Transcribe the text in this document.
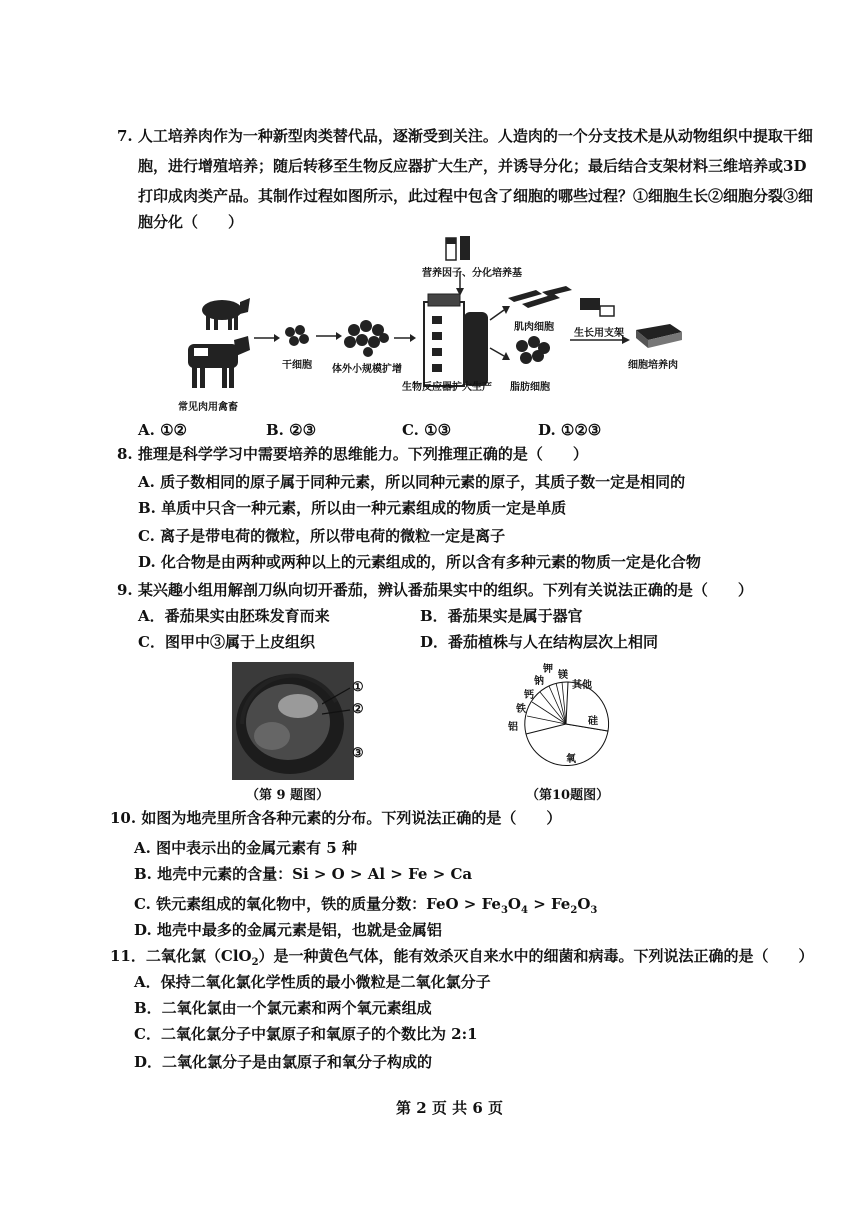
7. 人工培养肉作为一种新型肉类替代品，逐渐受到关注。人造肉的一个分支技术是从动物组织中提取干细
胞，进行增殖培养；随后转移至生物反应器扩大生产，并诱导分化；最后结合支架材料三维培养或3D
打印成肉类产品。其制作过程如图所示，此过程中包含了细胞的哪些过程？①细胞生长②细胞分裂③细
胞分化（　　）
营养因子、分化培养基
常见肉用禽畜
干细胞 体外小规模扩增
生物反应器扩大生产
肌肉细胞
脂肪细胞
生长用支架
细胞培养肉
A. ①②	B. ②③	C. ①③	D. ①②③
8. 推理是科学学习中需要培养的思维能力。下列推理正确的是（　　）
A. 质子数相同的原子属于同种元素，所以同种元素的原子，其质子数一定是相同的
B. 单质中只含一种元素，所以由一种元素组成的物质一定是单质
C. 离子是带电荷的微粒，所以带电荷的微粒一定是离子
D. 化合物是由两种或两种以上的元素组成的，所以含有多种元素的物质一定是化合物
9. 某兴趣小组用解剖刀纵向切开番茄，辨认番茄果实中的组织。下列有关说法正确的是（　　）
A．番茄果实由胚珠发育而来	B．番茄果实是属于器官
C．图甲中③属于上皮组织	D．番茄植株与人在结构层次上相同
①
②
③
（第 9 题图）
钾
镁
钠	其他
钙
铁
铝
硅
氧
（第10题图）
10. 如图为地壳里所含各种元素的分布。下列说法正确的是（　　）
A. 图中表示出的金属元素有 5 种
B. 地壳中元素的含量：Si > O > Al > Fe > Ca
C. 铁元素组成的氧化物中，铁的质量分数：FeO > $Fe_3O_4 > Fe_2O_3$
D. 地壳中最多的金属元素是铝，也就是金属铝
11．二氧化氯（ClO$_2$）是一种黄色气体，能有效杀灭自来水中的细菌和病毒。下列说法正确的是（　　）
A．保持二氧化氯化学性质的最小微粒是二氧化氯分子
B．二氧化氯由一个氯元素和两个氧元素组成
C．二氧化氯分子中氯原子和氧原子的个数比为 2:1
D．二氧化氯分子是由氯原子和氧分子构成的
第 2 页 共 6 页
